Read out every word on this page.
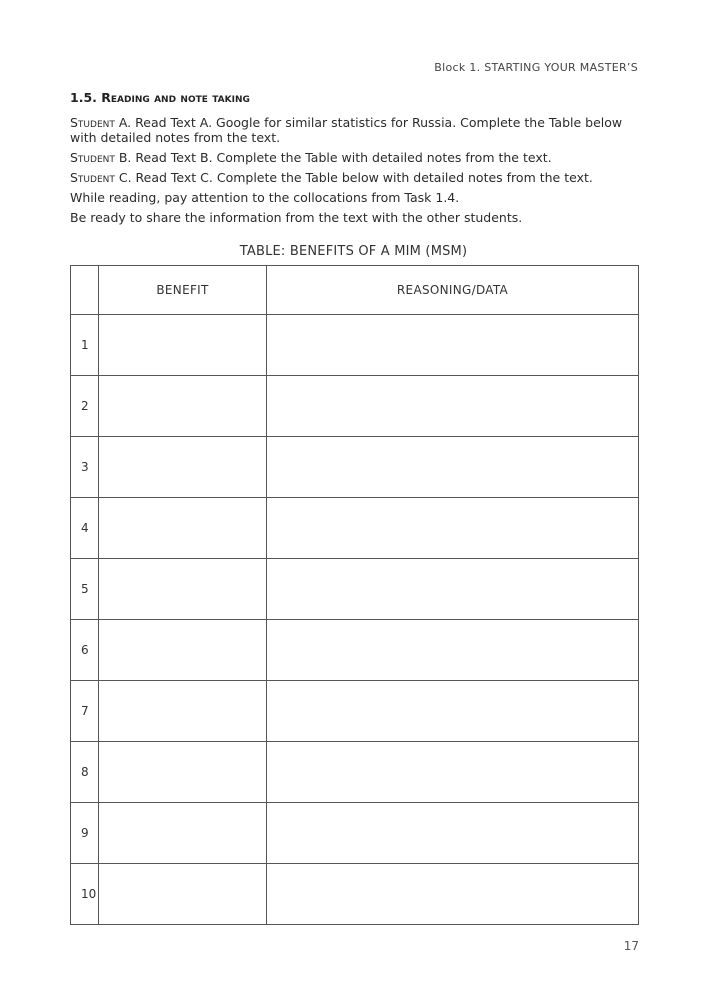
Block 1. STARTING YOUR MASTER’S
1.5. Reading and note taking

Student A. Read Text A. Google for similar statistics for Russia. Complete the Table below with detailed notes from the text.

Student B. Read Text B. Complete the Table with detailed notes from the text.

Student C. Read Text C. Complete the Table below with detailed notes from the text.

While reading, pay attention to the collocations from Task 1.4.

Be ready to share the information from the text with the other students.

TABLE: BENEFITS OF A MIM (MSM)
	BENEFIT	REASONING/DATA
1		
2		
3		
4		
5		
6		
7		
8		
9		
10		
17
